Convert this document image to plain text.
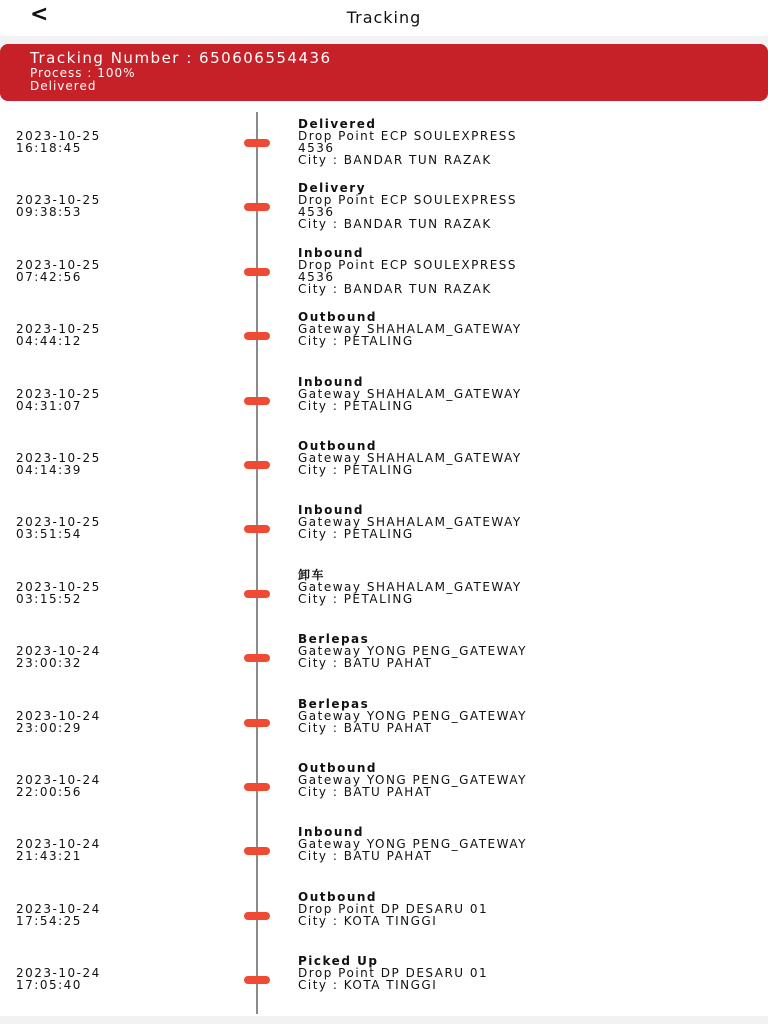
<	Tracking
Tracking Number : 650606554436
Process : 100%
Delivered
2023-10-25
16:18:45
Delivered
Drop Point ECP SOULEXPRESS
4536
City : BANDAR TUN RAZAK
2023-10-25
09:38:53
Delivery
Drop Point ECP SOULEXPRESS
4536
City : BANDAR TUN RAZAK
2023-10-25
07:42:56
Inbound
Drop Point ECP SOULEXPRESS
4536
City : BANDAR TUN RAZAK
2023-10-25
04:44:12
Outbound
Gateway SHAHALAM_GATEWAY
City : PETALING
2023-10-25
04:31:07
Inbound
Gateway SHAHALAM_GATEWAY
City : PETALING
2023-10-25
04:14:39
Outbound
Gateway SHAHALAM_GATEWAY
City : PETALING
2023-10-25
03:51:54
Inbound
Gateway SHAHALAM_GATEWAY
City : PETALING
2023-10-25
03:15:52
卸车
Gateway SHAHALAM_GATEWAY
City : PETALING
2023-10-24
23:00:32
Berlepas
Gateway YONG PENG_GATEWAY
City : BATU PAHAT
2023-10-24
23:00:29
Berlepas
Gateway YONG PENG_GATEWAY
City : BATU PAHAT
2023-10-24
22:00:56
Outbound
Gateway YONG PENG_GATEWAY
City : BATU PAHAT
2023-10-24
21:43:21
Inbound
Gateway YONG PENG_GATEWAY
City : BATU PAHAT
2023-10-24
17:54:25
Outbound
Drop Point DP DESARU 01
City : KOTA TINGGI
2023-10-24
17:05:40
Picked Up
Drop Point DP DESARU 01
City : KOTA TINGGI
